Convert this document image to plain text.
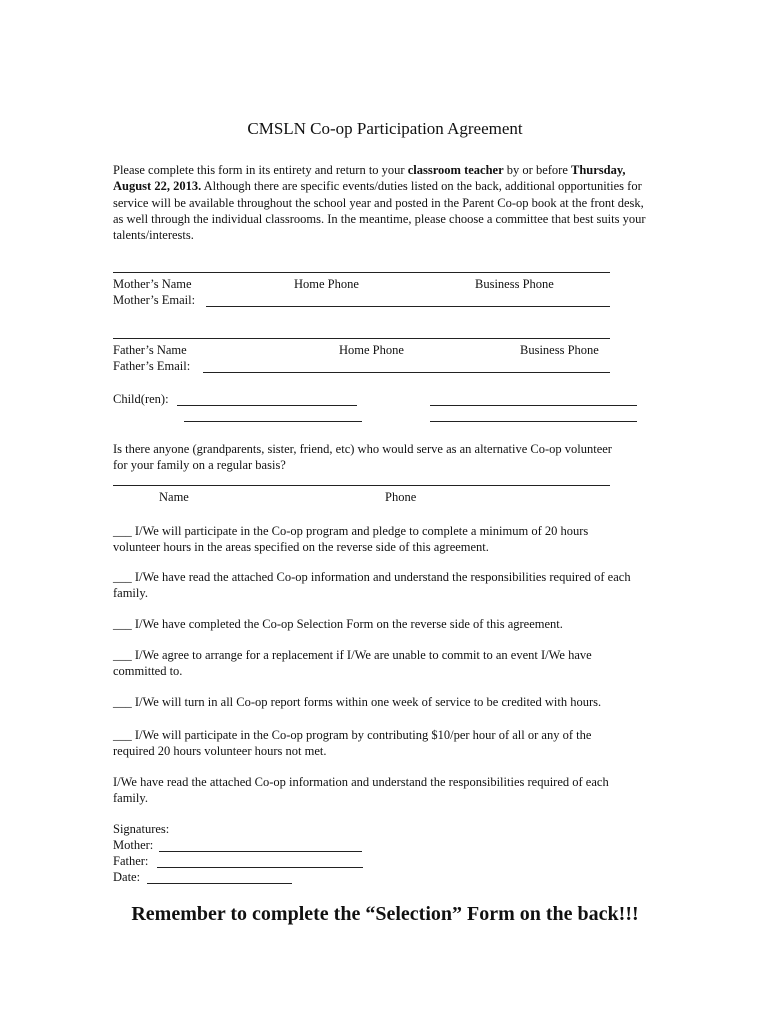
CMSLN Co-op Participation Agreement
Please complete this form in its entirety and return to your classroom teacher by or before Thursday, August 22, 2013. Although there are specific events/duties listed on the back, additional opportunities for service will be available throughout the school year and posted in the Parent Co-op book at the front desk, as well through the individual classrooms. In the meantime, please choose a committee that best suits your talents/interests.
Mother’s Name	Home Phone	Business Phone
Mother’s Email:
Father’s Name	Home Phone	Business Phone
Father’s Email:
Child(ren):
Is there anyone (grandparents, sister, friend, etc) who would serve as an alternative Co-op volunteer for your family on a regular basis?
Name	Phone
___ I/We will participate in the Co-op program and pledge to complete a minimum of 20 hours volunteer hours in the areas specified on the reverse side of this agreement.
___ I/We have read the attached Co-op information and understand the responsibilities required of each family.
___ I/We have completed the Co-op Selection Form on the reverse side of this agreement.
___ I/We agree to arrange for a replacement if I/We are unable to commit to an event I/We have committed to.
___ I/We will turn in all Co-op report forms within one week of service to be credited with hours.
___ I/We will participate in the Co-op program by contributing $10/per hour of all or any of the required 20 hours volunteer hours not met.
I/We have read the attached Co-op information and understand the responsibilities required of each family.
Signatures:
Mother:
Father:
Date:
Remember to complete the “Selection” Form on the back!!!
